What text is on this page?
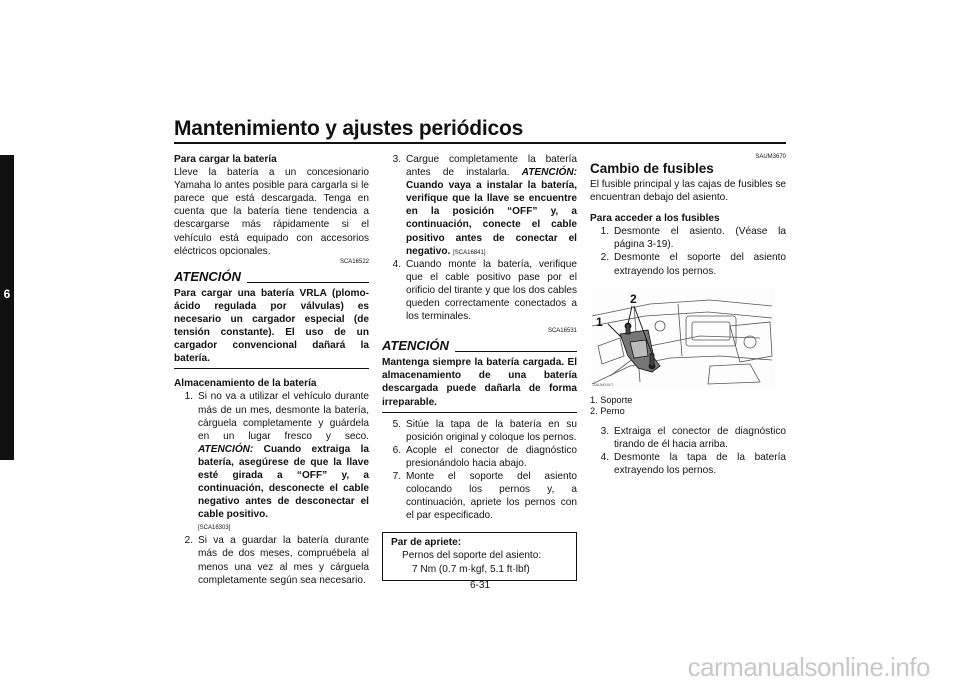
Mantenimiento y ajustes periódicos
6

Para cargar la batería

Lleve la batería a un concesionario Yamaha lo antes posible para cargarla si le parece que está descargada. Tenga en cuenta que la batería tiene tendencia a descargarse más rápidamente si el vehículo está equipado con accesorios eléctricos opcionales.

SCA16522
ATENCIÓN

Para cargar una batería VRLA (plomo-ácido regulada por válvulas) es necesario un cargador especial (de tensión constante). El uso de un cargador convencional dañará la batería.

Almacenamiento de la batería

1. Si no va a utilizar el vehículo durante más de un mes, desmonte la batería, cárguela completamente y guárdela en un lugar fresco y seco. ATENCIÓN: Cuando extraiga la batería, asegúrese de que la llave esté girada a “OFF” y, a continuación, desconecte el cable negativo antes de desconectar el cable positivo.
[SCA16303]
2. Si va a guardar la batería durante más de dos meses, compruébela al menos una vez al mes y cárguela completamente según sea necesario.
3. Cargue completamente la batería antes de instalarla. ATENCIÓN: Cuando vaya a instalar la batería, verifique que la llave se encuentre en la posición “OFF” y, a continuación, conecte el cable positivo antes de conectar el negativo. [SCA16841]
4. Cuando monte la batería, verifique que el cable positivo pase por el orificio del tirante y que los dos cables queden correctamente conectados a los terminales.
SCA16531
ATENCIÓN

Mantenga siempre la batería cargada. El almacenamiento de una batería descargada puede dañarla de forma irreparable.

5. Sitúe la tapa de la batería en su posición original y coloque los pernos.
6. Acople el conector de diagnóstico presionándolo hacia abajo.
7. Monte el soporte del asiento colocando los pernos y, a continuación, apriete los pernos con el par especificado.
Par de apriete:
Pernos del soporte del asiento:
7 Nm (0.7 m·kgf, 5.1 ft·lbf)
SAUM3670
Cambio de fusibles

El fusible principal y las cajas de fusibles se encuentran debajo del asiento.

Para acceder a los fusibles

1. Desmonte el asiento. (Véase la página 3-19).
2. Desmonte el soporte del asiento extrayendo los pernos.
2
1
ZAUM1917
1. Soporte
2. Perno
3. Extraiga el conector de diagnóstico tirando de él hacia arriba.
4. Desmonte la tapa de la batería extrayendo los pernos.
6-31
carmanualsonline.info
